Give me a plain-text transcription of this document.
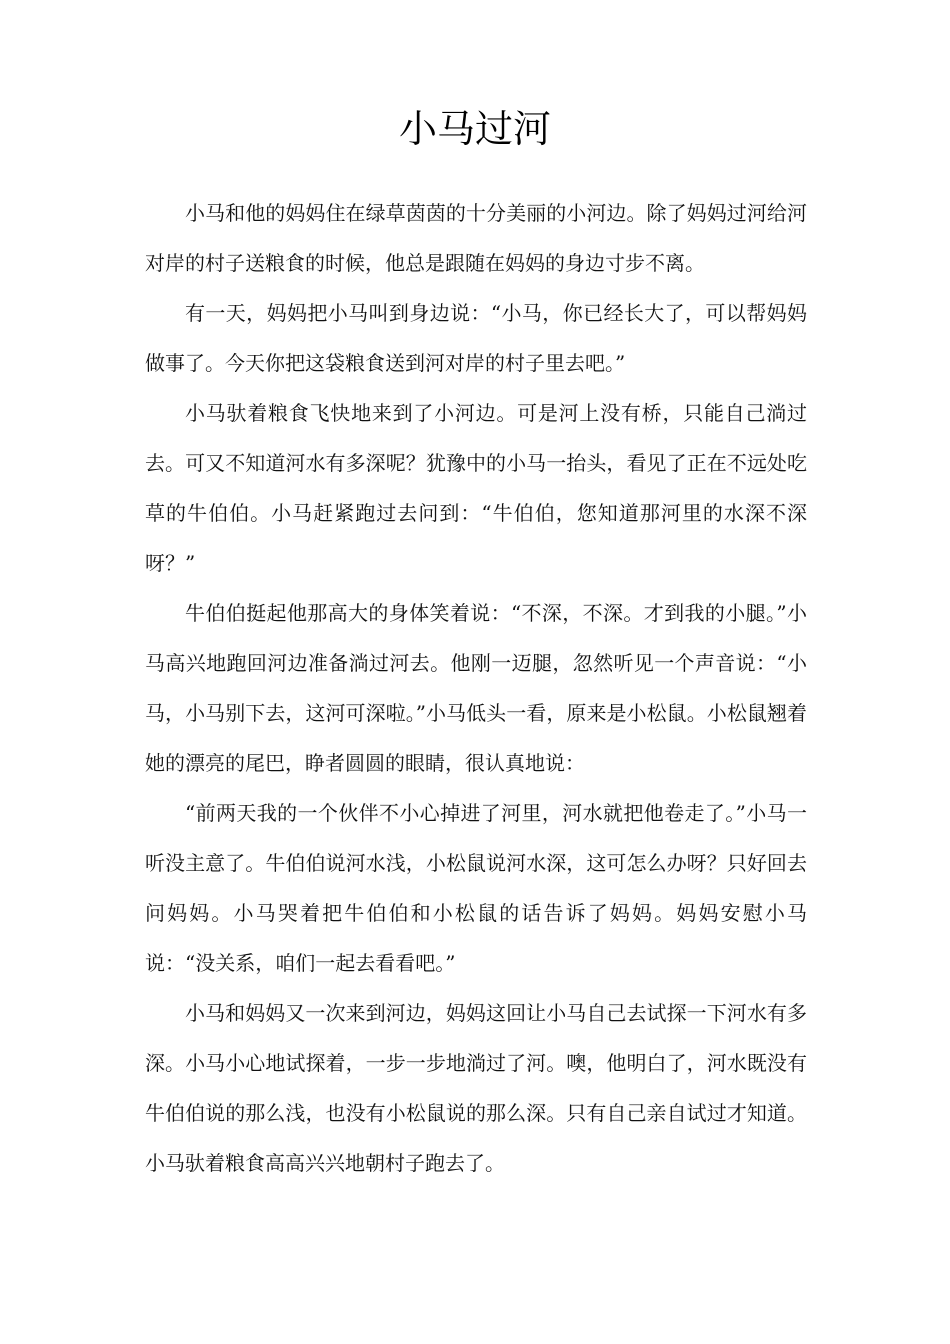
小马过河

小马和他的妈妈住在绿草茵茵的十分美丽的小河边。除了妈妈过河给河对岸的村子送粮食的时候，他总是跟随在妈妈的身边寸步不离。

有一天，妈妈把小马叫到身边说：“小马，你已经长大了，可以帮妈妈做事了。今天你把这袋粮食送到河对岸的村子里去吧。”

小马驮着粮食飞快地来到了小河边。可是河上没有桥，只能自己淌过去。可又不知道河水有多深呢？犹豫中的小马一抬头，看见了正在不远处吃草的牛伯伯。小马赶紧跑过去问到：“牛伯伯，您知道那河里的水深不深呀？”

牛伯伯挺起他那高大的身体笑着说：“不深，不深。才到我的小腿。”小马高兴地跑回河边准备淌过河去。他刚一迈腿，忽然听见一个声音说：“小马，小马别下去，这河可深啦。”小马低头一看，原来是小松鼠。小松鼠翘着她的漂亮的尾巴，睁者圆圆的眼睛，很认真地说：

“前两天我的一个伙伴不小心掉进了河里，河水就把他卷走了。”小马一听没主意了。牛伯伯说河水浅，小松鼠说河水深，这可怎么办呀？只好回去问妈妈。小马哭着把牛伯伯和小松鼠的话告诉了妈妈。妈妈安慰小马说：“没关系，咱们一起去看看吧。”

小马和妈妈又一次来到河边，妈妈这回让小马自己去试探一下河水有多深。小马小心地试探着，一步一步地淌过了河。噢，他明白了，河水既没有牛伯伯说的那么浅，也没有小松鼠说的那么深。只有自己亲自试过才知道。小马驮着粮食高高兴兴地朝村子跑去了。
